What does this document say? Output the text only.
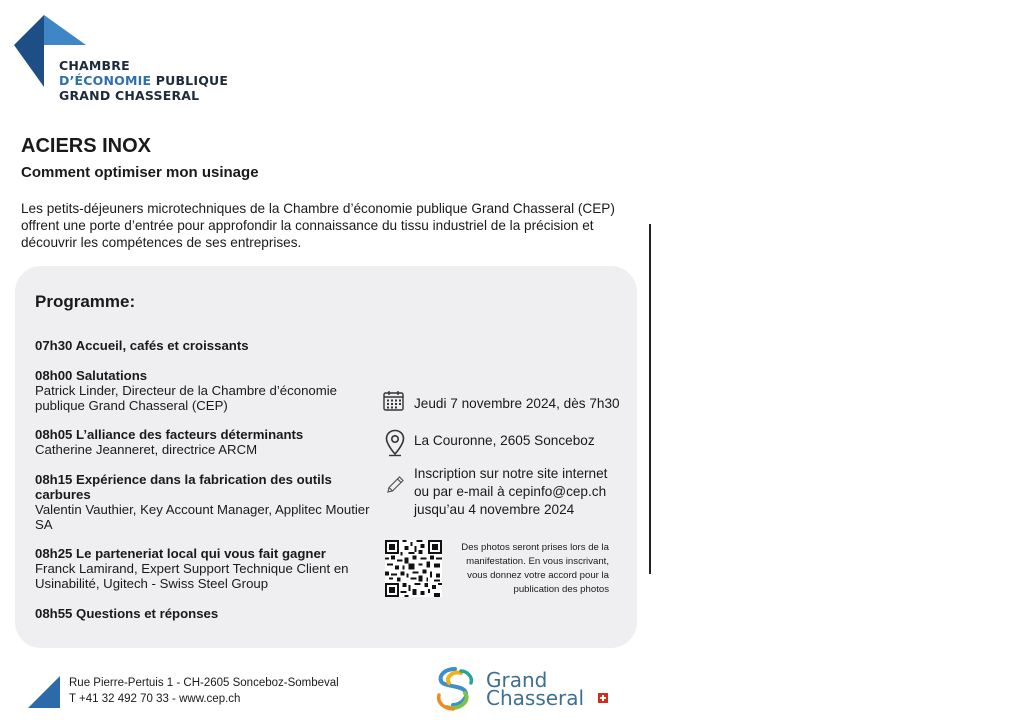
CHAMBRE
D’ÉCONOMIE PUBLIQUE
GRAND CHASSERAL
ACIERS INOX
Comment optimiser mon usinage

Les petits-déjeuners microtechniques de la Chambre d’économie publique Grand Chasseral (CEP) offrent une porte d’entrée pour approfondir la connaissance du tissu industriel de la précision et découvrir les compétences de ses entreprises.

Programme:
07h30 Accueil, cafés et croissants
08h00 Salutations
Patrick Linder, Directeur de la Chambre d’économie publique Grand Chasseral (CEP)
08h05 L’alliance des facteurs déterminants
Catherine Jeanneret, directrice ARCM
08h15 Expérience dans la fabrication des outils carbures
Valentin Vauthier, Key Account Manager, Applitec Moutier SA
08h25 Le parteneriat local qui vous fait gagner
Franck Lamirand, Expert Support Technique Client en Usinabilité, Ugitech - Swiss Steel Group
08h55 Questions et réponses
Jeudi 7 novembre 2024, dès 7h30
La Couronne, 2605 Sonceboz
Inscription sur notre site internet
ou par e-mail à cepinfo@cep.ch
jusqu’au 4 novembre 2024
Des photos seront prises lors de la
manifestation. En vous inscrivant,
vous donnez votre accord pour la
publication des photos
Rue Pierre-Pertuis 1 - CH-2605 Sonceboz-Sombeval
T +41 32 492 70 33 - www.cep.ch
Grand
Chasseral
